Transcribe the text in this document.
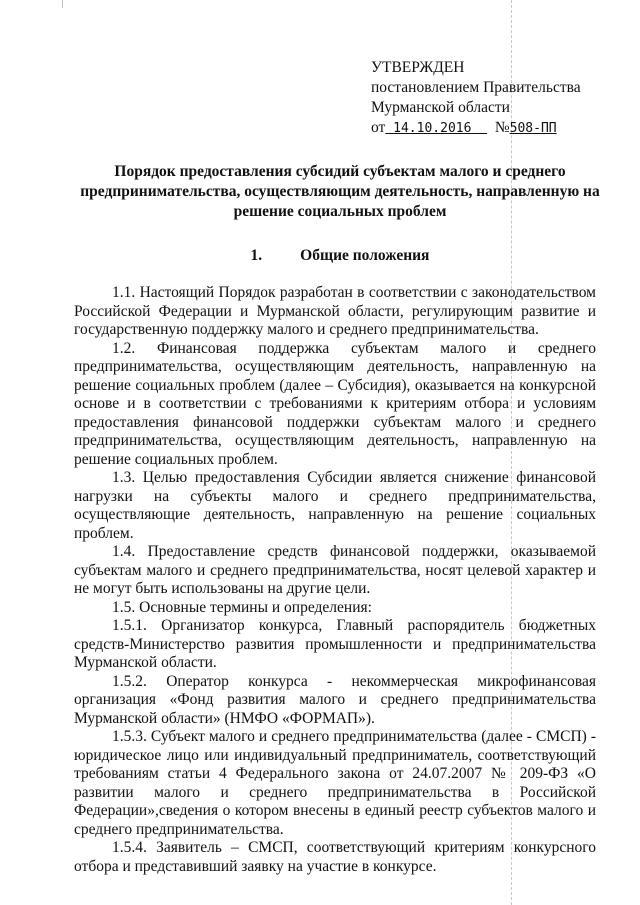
УТВЕРЖДЕН
постановлением Правительства
Мурманской области
от 14.10.2016 №508-ПП
Порядок предоставления субсидий субъектам малого и среднего предпринимательства, осуществляющим деятельность, направленную на решение социальных проблем
1. Общие положения

1.1. Настоящий Порядок разработан в соответствии с законодательством Российской Федерации и Мурманской области, регулирующим развитие и государственную поддержку малого и среднего предпринимательства.

1.2. Финансовая поддержка субъектам малого и среднего предпринимательства, осуществляющим деятельность, направленную на решение социальных проблем (далее – Субсидия), оказывается на конкурсной основе и в соответствии с требованиями к критериям отбора и условиям предоставления финансовой поддержки субъектам малого и среднего предпринимательства, осуществляющим деятельность, направленную на решение социальных проблем.

1.3. Целью предоставления Субсидии является снижение финансовой нагрузки на субъекты малого и среднего предпринимательства, осуществляющие деятельность, направленную на решение социальных проблем.

1.4. Предоставление средств финансовой поддержки, оказываемой субъектам малого и среднего предпринимательства, носят целевой характер и не могут быть использованы на другие цели.

1.5. Основные термины и определения:

1.5.1. Организатор конкурса, Главный распорядитель бюджетных средств-Министерство развития промышленности и предпринимательства Мурманской области.

1.5.2. Оператор конкурса - некоммерческая микрофинансовая организация «Фонд развития малого и среднего предпринимательства Мурманской области» (НМФО «ФОРМАП»).

1.5.3. Субъект малого и среднего предпринимательства (далее - СМСП) - юридическое лицо или индивидуальный предприниматель, соответствующий требованиям статьи 4 Федерального закона от 24.07.2007 № 209-ФЗ «О развитии малого и среднего предпринимательства в Российской Федерации»,сведения о котором внесены в единый реестр субъектов малого и среднего предпринимательства.

1.5.4. Заявитель – СМСП, соответствующий критериям конкурсного отбора и представивший заявку на участие в конкурсе.
